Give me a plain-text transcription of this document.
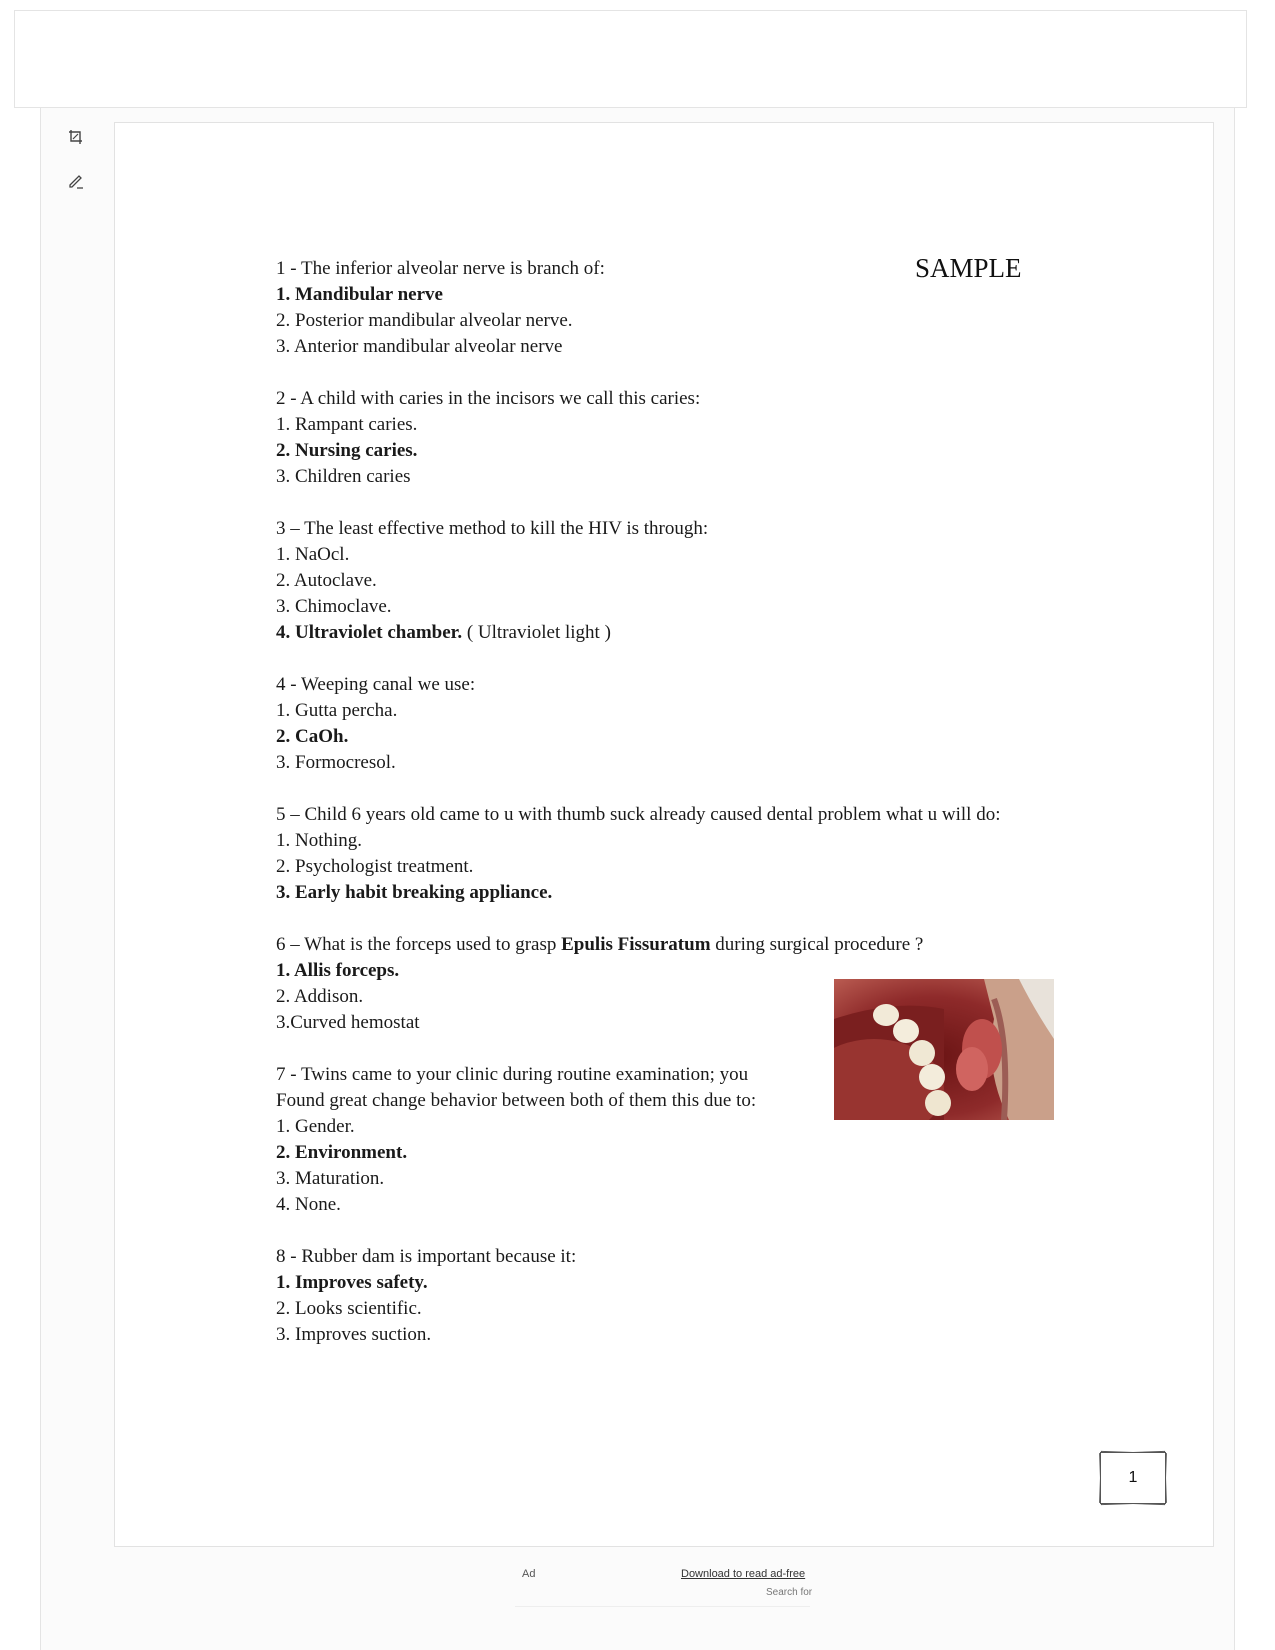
SAMPLE
1 - The inferior alveolar nerve is branch of:
1. Mandibular nerve
2. Posterior mandibular alveolar nerve.
3. Anterior mandibular alveolar nerve
2 - A child with caries in the incisors we call this caries:
1. Rampant caries.
2. Nursing caries.
3. Children caries
3 – The least effective method to kill the HIV is through:
1. NaOcl.
2. Autoclave.
3. Chimoclave.
4. Ultraviolet chamber. ( Ultraviolet light )
4 - Weeping canal we use:
1. Gutta percha.
2. CaOh.
3. Formocresol.
5 – Child 6 years old came to u with thumb suck already caused dental problem what u will do:
1. Nothing.
2. Psychologist treatment.
3. Early habit breaking appliance.
6 – What is the forceps used to grasp Epulis Fissuratum during surgical procedure ?
1. Allis forceps.
2. Addison.
3.Curved hemostat
7 - Twins came to your clinic during routine examination; you
Found great change behavior between both of them this due to:
1. Gender.
2. Environment.
3. Maturation.
4. None.
8 - Rubber dam is important because it:
1. Improves safety.
2. Looks scientific.
3. Improves suction.
1
Ad	Download to read ad-free
Search for
